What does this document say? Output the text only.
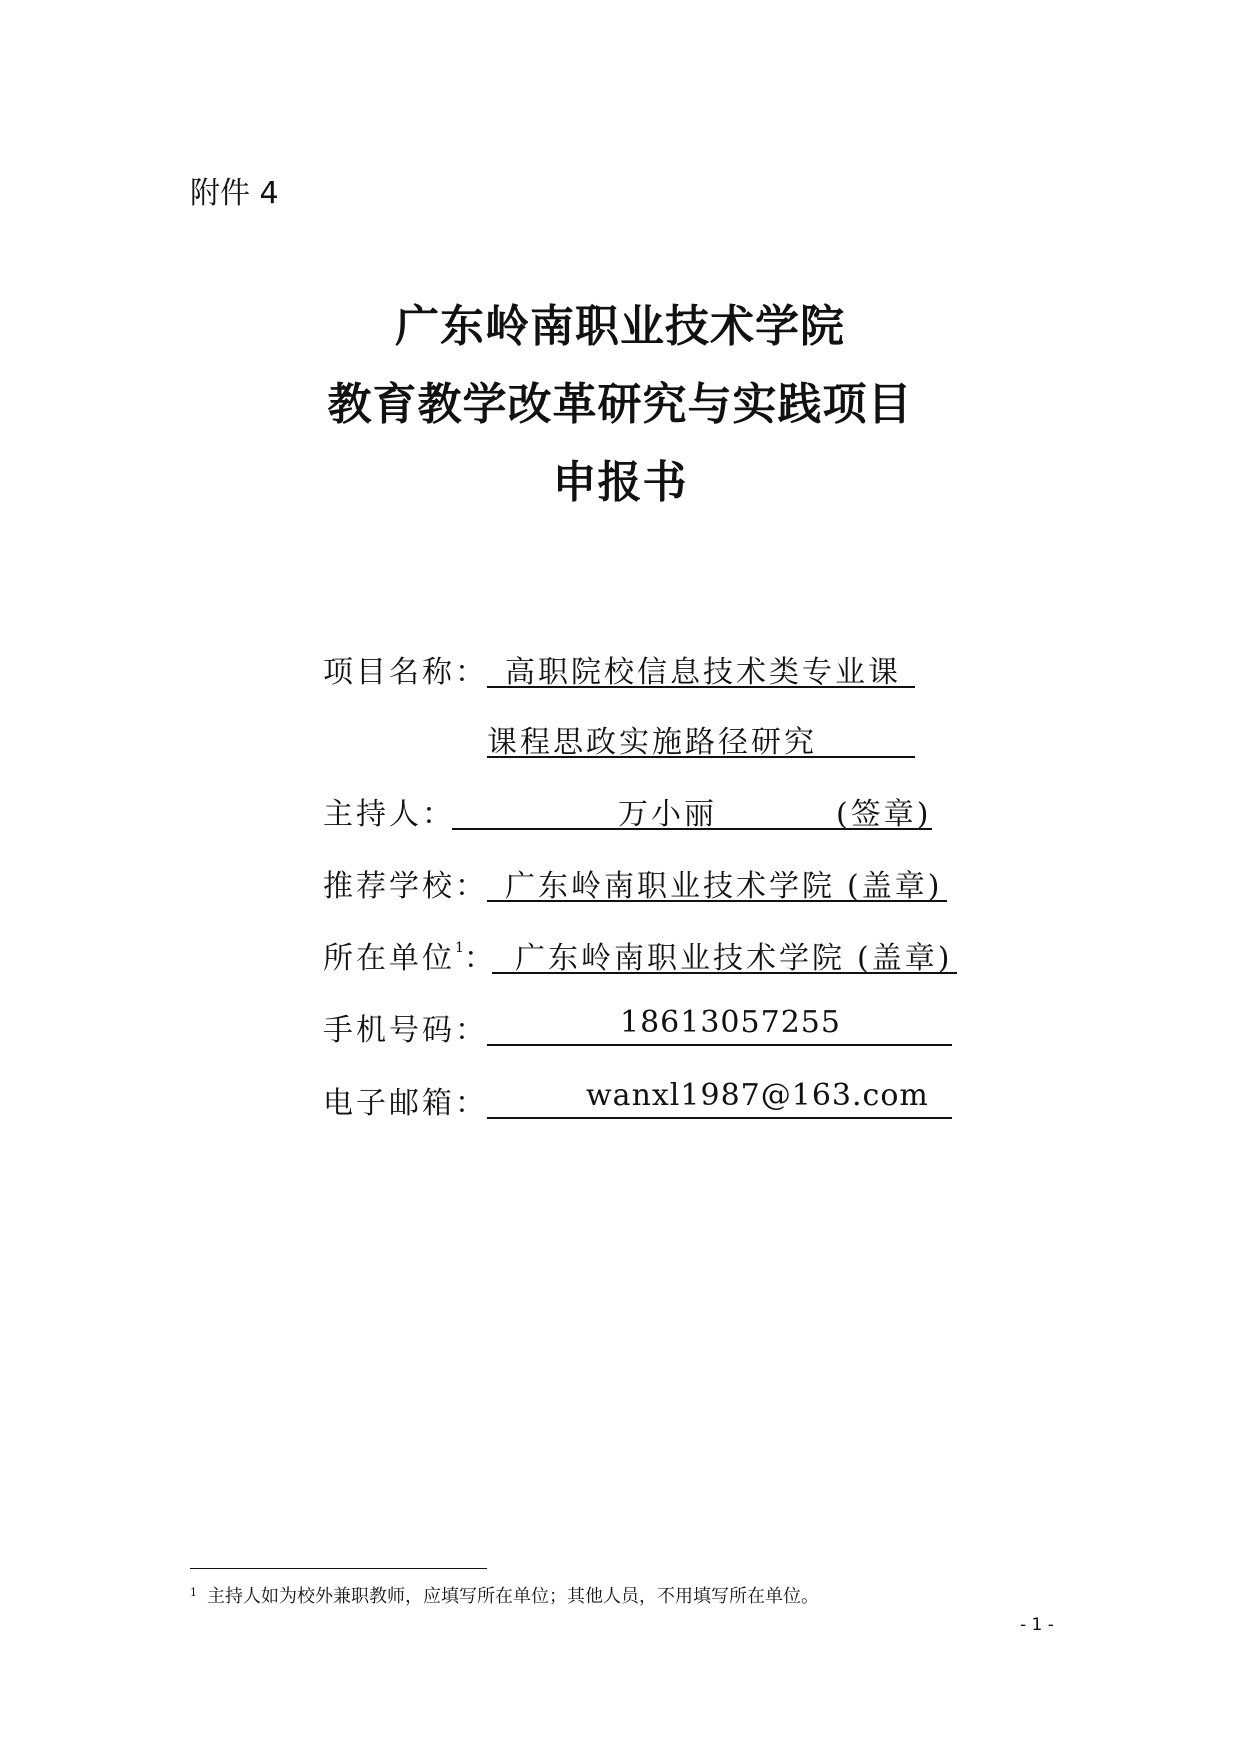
附件 4
广东岭南职业技术学院
教育教学改革研究与实践项目
申报书
项目名称： 高职院校信息技术类专业课
课程思政实施路径研究
主持人：	万小丽	(签章)
推荐学校： 广东岭南职业技术学院 (盖章)
所在单位$^1$： 广东岭南职业技术学院 (盖章)
手机号码：	18613057255
电子邮箱：	wanxl1987@163.com
$^1$ 主持人如为校外兼职教师，应填写所在单位；其他人员，不用填写所在单位。
- 1 -
